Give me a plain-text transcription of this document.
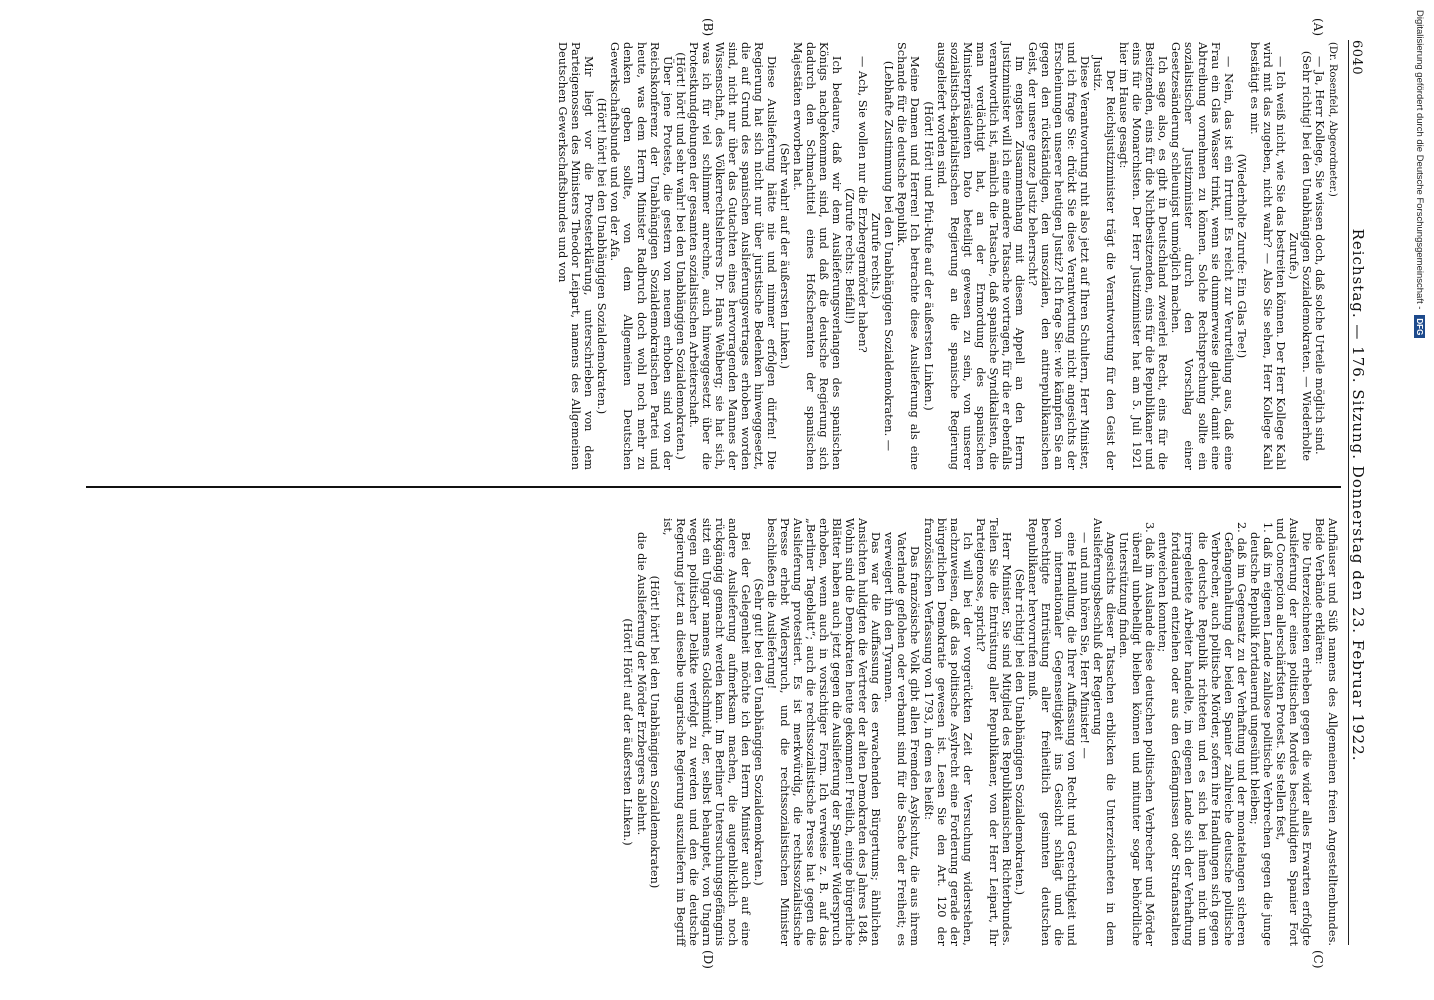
6040
Reichstag. — 176. Sitzung. Donnerstag den 23. Februar 1922.
(A)
(B)
(C)
(D)

(Dr. Rosenfeld, Abgeordneter.)

— Ja, Herr Kollege, Sie wissen doch, daß solche Urteile möglich sind.

(Sehr richtig! bei den Unabhängigen Sozialdemokraten. — Wiederholte Zurufe.)

— Ich weiß nicht, wie Sie das bestreiten können. Der Herr Kollege Kahl wird mit das zugeben, nicht wahr? — Also Sie sehen, Herr Kollege Kahl bestätigt es mir.

(Wiederholte Zurufe: Ein Glas Tee!)

— Nein, das ist ein Irrtum! Es reicht zur Verurteilung aus, daß eine Frau ein Glas Wasser trinkt, wenn sie dummerweise glaubt, damit eine Abtreibung vornehmen zu können. Solche Rechtsprechung sollte ein sozialistischer Justizminister durch den Vorschlag einer Gesetzesänderung schleunigst unmöglich machen.

Ich sage also, es gibt in Deutschland zweierlei Recht, eins für die Besitzenden, eins für die Nichtbesitzenden, eins für die Republikaner und eins für die Monarchisten. Der Herr Justizminister hat am 5. Juli 1921 hier im Hause gesagt:

Der Reichsjustizminister trägt die Verantwortung für den Geist der Justiz.

Diese Verantwortung ruht also jetzt auf Ihren Schultern, Herr Minister, und ich frage Sie: drückt Sie diese Verantwortung nicht angesichts der Erscheinungen unserer heutigen Justiz? Ich frage Sie: wie kämpfen Sie an gegen den rückständigen, den unsozialen, den antirepublikanischen Geist, der unsere ganze Justiz beherrscht?

Im engsten Zusammenhang mit diesem Appell an den Herrn Justizminister will ich eine andere Tatsache vortragen, für die er ebenfalls verantwortlich ist, nämlich die Tatsache, daß spanische Syndikalisten, die man verdächtigt hat, an der Ermordung des spanischen Ministerpräsidenten Dato beteiligt gewesen zu sein, von unserer sozialistisch-kapitalistischen Regierung an die spanische Regierung ausgeliefert worden sind.

(Hört! Hört! und Pfui-Rufe auf der äußersten Linken.)

Meine Damen und Herren! Ich betrachte diese Auslieferung als eine Schande für die deutsche Republik.

(Lebhafte Zustimmung bei den Unabhängigen Sozialdemokraten. — Zurufe rechts.)

— Ach, Sie wollen nur die Erzbergermörder haben?

(Zurufe rechts: Beifall!)

Ich bedaure, daß wir dem Auslieferungsverlangen des spanischen Königs nachgekommen sind, und daß die deutsche Regierung sich dadurch den Schmachtitel eines Hofscheranten der spanischen Majestäten erworben hat.

(Sehr wahr! auf der äußersten Linken.)

Diese Auslieferung hätte nie und nimmer erfolgen dürfen! Die Regierung hat sich nicht nur über juristische Bedenken hinweggesetzt, die auf Grund des spanischen Auslieferungsvertrages erhoben worden sind, nicht nur über das Gutachten eines hervorragenden Mannes der Wissenschaft, des Völkerrechtslehrers Dr. Hans Wehberg; sie hat sich, was ich für viel schlimmer anrechne, auch hinweggesetzt über die Protestkundgebungen der gesamten sozialistischen Arbeiterschaft.

(Hört! hört! und sehr wahr! bei den Unabhängigen Sozialdemokraten.)

Über jene Proteste, die gestern von neuem erhoben sind von der Reichskonferenz der Unabhängigen Sozialdemokratischen Partei und heute, was dem Herrn Minister Radbruch doch wohl noch mehr zu denken geben sollte, von dem Allgemeinen Deutschen Gewerkschaftsbunde und von der Afa.

(Hört! hört! bei den Unabhängigen Sozialdemokraten.)

Mir liegt vor die Protesterklärung, unterschrieben von dem Parteigenossen des Ministers Theodor Leipart, namens des Allgemeinen Deutschen Gewerkschaftsbundes und von

Aufhäuser und Süß namens des Allgemeinen freien Angestelltenbundes. Beide Verbände erklären:

Die Unterzeichneten erheben gegen die wider alles Erwarten erfolgte Auslieferung der eines politischen Mordes beschuldigten Spanier Fort und Concepcion allerschärfsten Protest. Sie stellen fest,

1. daß im eigenen Lande zahllose politische Verbrechen gegen die junge deutsche Republik fortdauernd ungesühnt bleiben;

2. daß im Gegensatz zu der Verhaftung und der monatelangen sicheren Gefangenhaltung der beiden Spanier zahlreiche deutsche politische Verbrecher, auch politische Mörder, sofern ihre Handlungen sich gegen die deutsche Republik richteten und es sich bei ihnen nicht um irregeleitete Arbeiter handelte, im eigenen Lande sich der Verhaftung fortdauernd entziehen oder aus den Gefängnissen oder Strafanstalten entweichen konnten;

3. daß im Auslande diese deutschen politischen Verbrecher und Mörder überall unbehelligt bleiben können und mitunter sogar behördliche Unterstützung finden.

Angesichts dieser Tatsachen erblicken die Unterzeichneten in dem Auslieferungsbeschluß der Regierung

— und nun hören Sie, Herr Minister! —

eine Handlung, die Ihrer Auffassung von Recht und Gerechtigkeit und von internationaler Gegenseitigkeit ins Gesicht schlägt und die berechtigte Entrüstung aller freiheitlich gesinnten deutschen Republikaner hervorrufen muß.

(Sehr richtig! bei den Unabhängigen Sozialdemokraten.)

Herr Minister, Sie sind Mitglied des Republikanischen Richterbundes. Teilen Sie die Entrüstung aller Republikaner, von der Herr Leipart, Ihr Parteigenosse, spricht?

Ich will bei der vorgerückten Zeit der Versuchung widerstehen, nachzuweisen, daß das politische Asylrecht eine Forderung gerade der bürgerlichen Demokratie gewesen ist. Lesen Sie den Art. 120 der französischen Verfassung von 1793, in dem es heißt:

Das französische Volk gibt allen Fremden Asylschutz, die aus ihrem Vaterlande geflohen oder verbannt sind für die Sache der Freiheit; es verweigert ihn den Tyrannen.

Das war die Auffassung des erwachenden Bürgertums; ähnlichen Ansichten huldigten die Vertreter der alten Demokraten des Jahres 1848. Wohin sind die Demokraten heute gekommen! Freilich, einige bürgerliche Blätter haben auch jetzt gegen die Auslieferung der Spanier Widerspruch erhoben, wenn auch in vorsichtiger Form. Ich verweise z. B. auf das „Berliner Tageblatt“; auch die rechtssozialistische Presse hat gegen die Auslieferung protestiert. Es ist merkwürdig, die rechtssozialistische Presse erhebt Widerspruch, und die rechtssozialistischen Minister beschließen die Auslieferung!

(Sehr gut! bei den Unabhängigen Sozialdemokraten.)

Bei der Gelegenheit möchte ich den Herrn Minister auch auf eine andere Auslieferung aufmerksam machen, die augenblicklich noch rückgängig gemacht werden kann. Im Berliner Untersuchungsgefängnis sitzt ein Ungar namens Goldschmidt, der, selbst behauptet, von Ungarn wegen politischer Delikte verfolgt zu werden und den die deutsche Regierung jetzt an dieselbe ungarische Regierung auszuliefern im Begriff ist,

(Hört! hört! bei den Unabhängigen Sozialdemokraten)

die die Auslieferung der Mörder Erzbergers ablehnt.

(Hört! Hört! auf der äußersten Linken.)

Digitalisierung gefördert durch die Deutsche Forschungsgemeinschaft -
DFG
